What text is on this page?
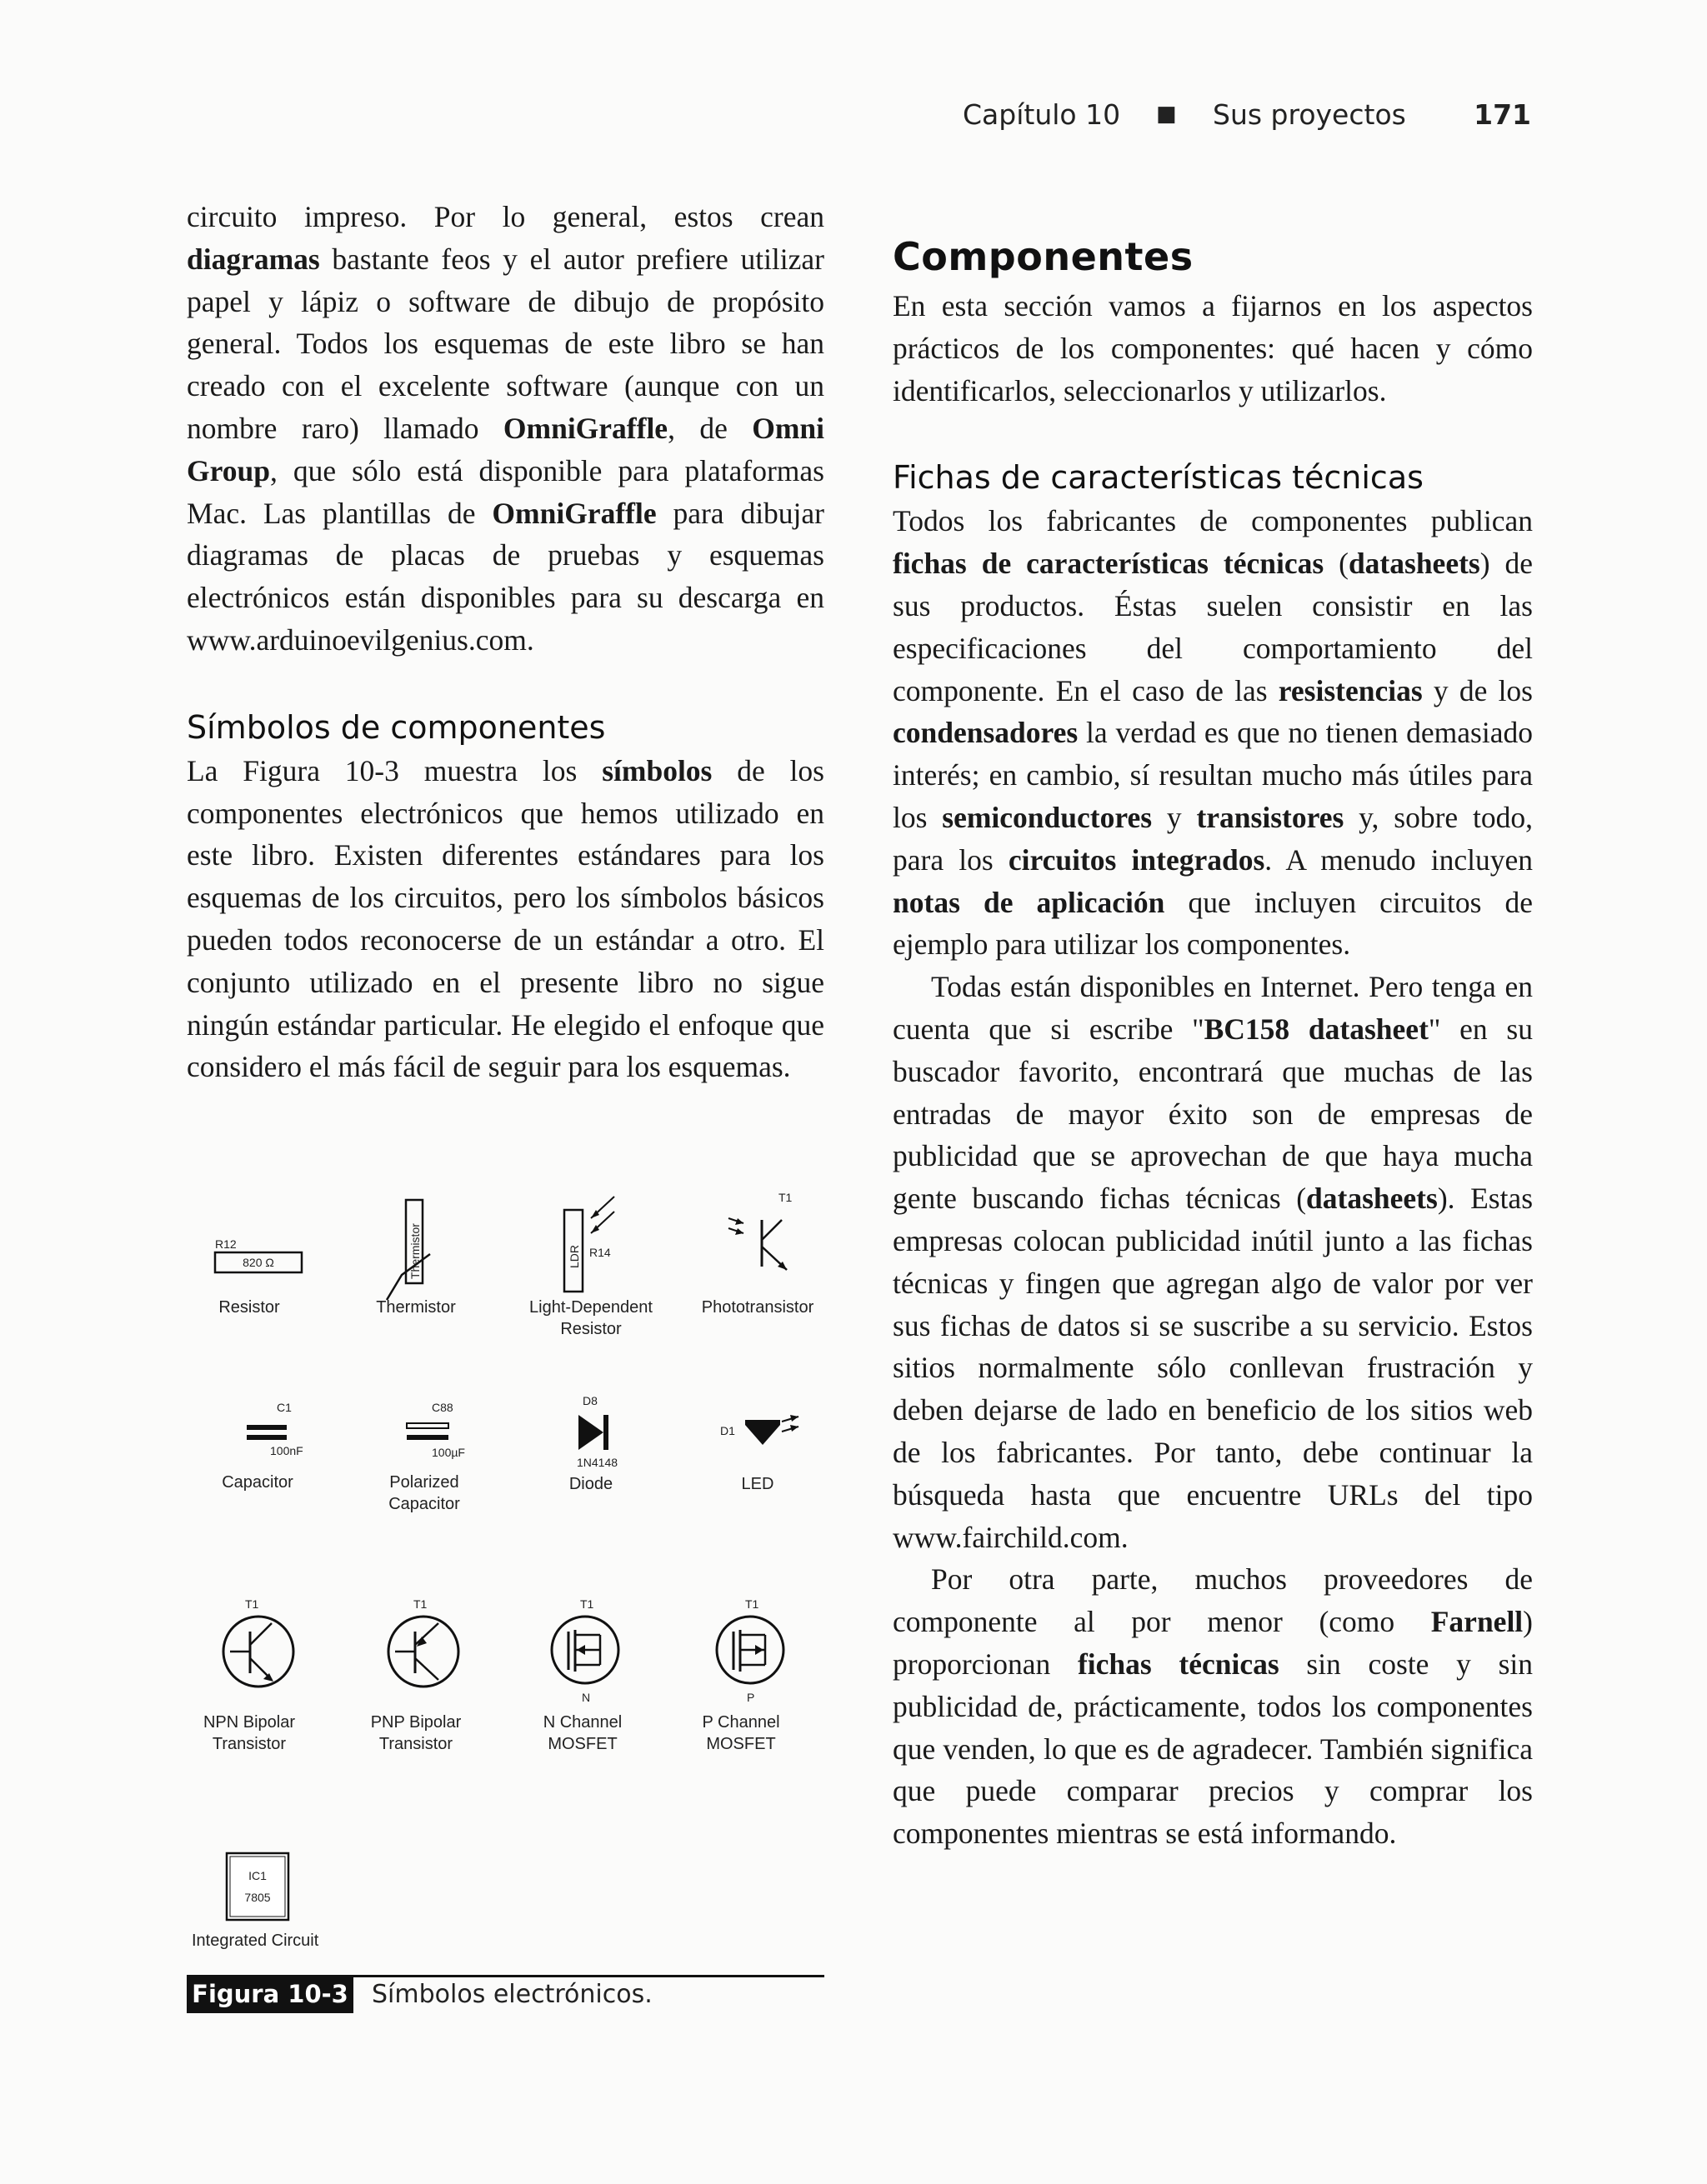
Capítulo 10 ■ Sus proyectos 171

circuito impreso. Por lo general, estos crean diagramas bastante feos y el autor prefiere utilizar papel y lápiz o software de dibujo de propósito general. Todos los esquemas de este libro se han creado con el excelente software (aunque con un nombre raro) llamado OmniGraffle, de Omni Group, que sólo está disponible para plataformas Mac. Las plantillas de OmniGraffle para dibujar diagramas de placas de pruebas y esquemas electrónicos están disponibles para su descarga en www.arduinoevilgenius.com.

Símbolos de componentes

La Figura 10-3 muestra los símbolos de los componentes electrónicos que hemos utilizado en este libro. Existen diferentes estándares para los esquemas de los circuitos, pero los símbolos básicos pueden todos reconocerse de un estándar a otro. El conjunto utilizado en el presente libro no sigue ningún estándar particular. He elegido el enfoque que considero el más fácil de seguir para los esquemas.

R12
820 Ω
Resistor
Thermistor
Thermistor
LDR R14
Light-Dependent
Resistor
T1
Phototransistor
C1
100nF
Capacitor
C88
100µF
Polarized
Capacitor
D8
1N4148
Diode
D1
LED
T1
NPN Bipolar
Transistor
T1
PNP Bipolar
Transistor
T1
N
N Channel
MOSFET
T1
P
P Channel
MOSFET
IC1
7805
Integrated Circuit
Figura 10-3 Símbolos electrónicos.
Componentes

En esta sección vamos a fijarnos en los aspectos prácticos de los componentes: qué hacen y cómo identificarlos, seleccionarlos y utilizarlos.

Fichas de características técnicas

Todos los fabricantes de componentes publican fichas de características técnicas (datasheets) de sus productos. Éstas suelen consistir en las especificaciones del comportamiento del componente. En el caso de las resistencias y de los condensadores la verdad es que no tienen demasiado interés; en cambio, sí resultan mucho más útiles para los semiconductores y transistores y, sobre todo, para los circuitos integrados. A menudo incluyen notas de aplicación que incluyen circuitos de ejemplo para utilizar los componentes.

Todas están disponibles en Internet. Pero tenga en cuenta que si escribe "BC158 datasheet" en su buscador favorito, encontrará que muchas de las entradas de mayor éxito son de empresas de publicidad que se aprovechan de que haya mucha gente buscando fichas técnicas (datasheets). Estas empresas colocan publicidad inútil junto a las fichas técnicas y fingen que agregan algo de valor por ver sus fichas de datos si se suscribe a su servicio. Estos sitios normalmente sólo conllevan frustración y deben dejarse de lado en beneficio de los sitios web de los fabricantes. Por tanto, debe continuar la búsqueda hasta que encuentre URLs del tipo www.fairchild.com.

Por otra parte, muchos proveedores de componente al por menor (como Farnell) proporcionan fichas técnicas sin coste y sin publicidad de, prácticamente, todos los componentes que venden, lo que es de agradecer. También significa que puede comparar precios y comprar los componentes mientras se está informando.
